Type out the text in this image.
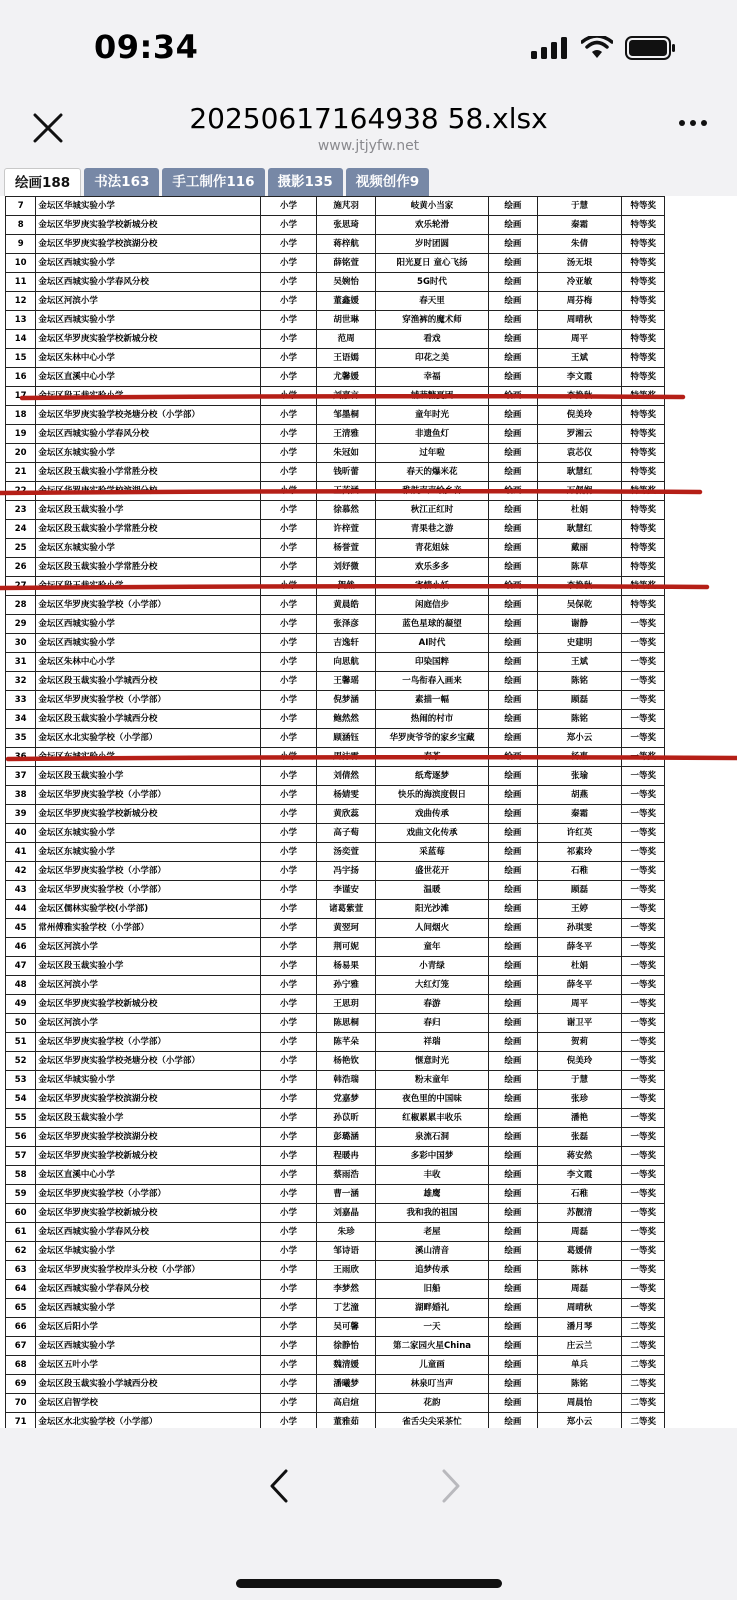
09:34
20250617164938 58.xlsx
www.jtjyfw.net
绘画188	书法163	手工制作116	摄影135	视频创作9
7	金坛区华城实验小学	小学	施芃羽	岐黄小当家	绘画	于慧	特等奖
8	金坛区华罗庚实验学校新城分校	小学	张思琦	欢乐轮滑	绘画	秦霜	特等奖
9	金坛区华罗庚实验学校滨湖分校	小学	蒋梓航	岁时团圆	绘画	朱倩	特等奖
10	金坛区西城实验小学	小学	薛铭萱	阳光夏日 童心飞扬	绘画	汤无垠	特等奖
11	金坛区西城实验小学春风分校	小学	吴婉怡	5G时代	绘画	冷亚敏	特等奖
12	金坛区河滨小学	小学	董鑫媛	春天里	绘画	周芬梅	特等奖
13	金坛区西城实验小学	小学	胡世琳	穿渔裤的魔术师	绘画	周晴秋	特等奖
14	金坛区华罗庚实验学校新城分校	小学	范周	看戏	绘画	周平	特等奖
15	金坛区朱林中心小学	小学	王语嫣	印花之美	绘画	王斌	特等奖
16	金坛区直溪中心小学	小学	尤馨媛	幸福	绘画	李文霞	特等奖
17	金坛区段玉裁实验小学	小学	刘嘉言	辅蔬糖夏团	绘画	李艳秋	特等奖
18	金坛区华罗庚实验学校尧塘分校（小学部）	小学	邹墨桐	童年时光	绘画	倪美玲	特等奖
19	金坛区西城实验小学春风分校	小学	王清雅	非遗鱼灯	绘画	罗湘云	特等奖
20	金坛区东城实验小学	小学	朱冠如	过年啦	绘画	袁芯仪	特等奖
21	金坛区段玉裁实验小学常胜分校	小学	钱昕蕾	春天的爆米花	绘画	耿慧红	特等奖
22	金坛区华罗庚实验学校滨湖分校	小学	王芮涵	稚鼓声声绘乡音	绘画	万佩娴	特等奖
23	金坛区段玉裁实验小学	小学	徐慕然	秋江正红时	绘画	杜娟	特等奖
24	金坛区段玉裁实验小学常胜分校	小学	许梓萱	青果巷之游	绘画	耿慧红	特等奖
25	金坛区东城实验小学	小学	杨誉萱	青花姐妹	绘画	戴丽	特等奖
26	金坛区段玉裁实验小学常胜分校	小学	刘妤微	欢乐多多	绘画	陈草	特等奖
27	金坛区段玉裁实验小学	小学	贺然	寄情小妖	绘画	李艳秋	特等奖
28	金坛区华罗庚实验学校（小学部）	小学	黄晨皓	闲庭信步	绘画	吴保乾	特等奖
29	金坛区西城实验小学	小学	张泽彦	蓝色星球的凝望	绘画	谢静	一等奖
30	金坛区西城实验小学	小学	吉逸轩	AI时代	绘画	史建明	一等奖
31	金坛区朱林中心小学	小学	向思航	印染国粹	绘画	王斌	一等奖
32	金坛区段玉裁实验小学城西分校	小学	王馨瑶	一鸟衔春入画来	绘画	陈铭	一等奖
33	金坛区华罗庚实验学校（小学部）	小学	倪梦涵	素描一幅	绘画	顾磊	一等奖
34	金坛区段玉裁实验小学城西分校	小学	鲍然然	热闹的村市	绘画	陈铭	一等奖
35	金坛区水北实验学校（小学部）	小学	顾涵钰	华罗庚爷爷的家乡宝藏	绘画	郑小云	一等奖
36	金坛区东城实验小学	小学	周沫霖	春茶	绘画	杨惠	一等奖
37	金坛区段玉裁实验小学	小学	刘倩然	纸鸢逐梦	绘画	张瑜	一等奖
38	金坛区华罗庚实验学校（小学部）	小学	杨婧雯	快乐的海滨度假日	绘画	胡燕	一等奖
39	金坛区华罗庚实验学校新城分校	小学	黄欣蕊	戏曲传承	绘画	秦霜	一等奖
40	金坛区东城实验小学	小学	高子萄	戏曲文化传承	绘画	许红英	一等奖
41	金坛区东城实验小学	小学	汤奕萱	采蓝莓	绘画	祁素玲	一等奖
42	金坛区华罗庚实验学校（小学部）	小学	冯宇扬	盛世花开	绘画	石稚	一等奖
43	金坛区华罗庚实验学校（小学部）	小学	李谨安	温暖	绘画	顾磊	一等奖
44	金坛区儒林实验学校(小学部)	小学	诸葛紫萱	阳光沙滩	绘画	王婷	一等奖
45	常州傅雅实验学校（小学部）	小学	黄翌珂	人间烟火	绘画	孙琪雯	一等奖
46	金坛区河滨小学	小学	荆可妮	童年	绘画	薛冬平	一等奖
47	金坛区段玉裁实验小学	小学	杨易果	小青绿	绘画	杜娟	一等奖
48	金坛区河滨小学	小学	孙宁雅	大红灯笼	绘画	薛冬平	一等奖
49	金坛区华罗庚实验学校新城分校	小学	王思玥	春游	绘画	周平	一等奖
50	金坛区河滨小学	小学	陈思桐	春归	绘画	谢卫平	一等奖
51	金坛区华罗庚实验学校（小学部）	小学	陈芊朵	祥瑞	绘画	贺莉	一等奖
52	金坛区华罗庚实验学校尧塘分校（小学部）	小学	杨艳钦	惬意时光	绘画	倪美玲	一等奖
53	金坛区华城实验小学	小学	韩浩瑞	粉末童年	绘画	于慧	一等奖
54	金坛区华罗庚实验学校滨湖分校	小学	党嘉梦	夜色里的中国味	绘画	张珍	一等奖
55	金坛区段玉裁实验小学	小学	孙苡昕	红椒累累丰收乐	绘画	潘艳	一等奖
56	金坛区华罗庚实验学校滨湖分校	小学	彭璐涵	泉流石洞	绘画	张磊	一等奖
57	金坛区华罗庚实验学校新城分校	小学	程暖冉	多彩中国梦	绘画	蒋安然	一等奖
58	金坛区直溪中心小学	小学	蔡雨浩	丰收	绘画	李文霞	一等奖
59	金坛区华罗庚实验学校（小学部）	小学	曹一涵	雄鹰	绘画	石稚	一等奖
60	金坛区华罗庚实验学校新城分校	小学	刘嘉晶	我和我的祖国	绘画	苏靓清	一等奖
61	金坛区西城实验小学春风分校	小学	朱珍	老屋	绘画	周磊	一等奖
62	金坛区华城实验小学	小学	邹诗语	溪山清音	绘画	葛媛倩	一等奖
63	金坛区华罗庚实验学校岸头分校（小学部）	小学	王雨欣	追梦传承	绘画	陈林	一等奖
64	金坛区西城实验小学春风分校	小学	李梦然	旧船	绘画	周磊	一等奖
65	金坛区西城实验小学	小学	丁艺潼	湖畔婚礼	绘画	周晴秋	一等奖
66	金坛区后阳小学	小学	吴可馨	一天	绘画	潘月琴	二等奖
67	金坛区西城实验小学	小学	徐静怡	第二家园火星China	绘画	庄云兰	二等奖
68	金坛区五叶小学	小学	魏清媛	儿童画	绘画	单兵	二等奖
69	金坛区段玉裁实验小学城西分校	小学	潘曦梦	林泉叮当声	绘画	陈铭	二等奖
70	金坛区启智学校	小学	高启煊	花韵	绘画	周晨怡	二等奖
71	金坛区水北实验学校（小学部）	小学	董雅茹	雀舌尖尖采茶忙	绘画	郑小云	二等奖
